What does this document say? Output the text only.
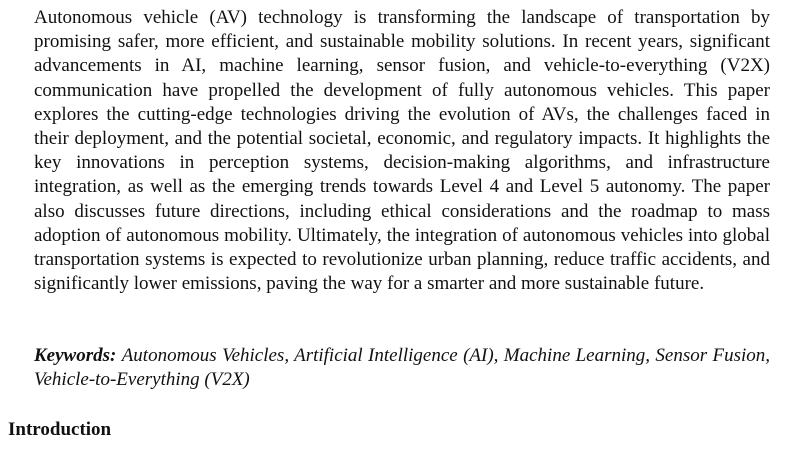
Autonomous vehicle (AV) technology is transforming the landscape of transportation by promising safer, more efficient, and sustainable mobility solutions. In recent years, significant advancements in AI, machine learning, sensor fusion, and vehicle-to-everything (V2X) communication have propelled the development of fully autonomous vehicles. This paper explores the cutting-edge technologies driving the evolution of AVs, the challenges faced in their deployment, and the potential societal, economic, and regulatory impacts. It highlights the key innovations in perception systems, decision-making algorithms, and infrastructure integration, as well as the emerging trends towards Level 4 and Level 5 autonomy. The paper also discusses future directions, including ethical considerations and the roadmap to mass adoption of autonomous mobility. Ultimately, the integration of autonomous vehicles into global transportation systems is expected to revolutionize urban planning, reduce traffic accidents, and significantly lower emissions, paving the way for a smarter and more sustainable future.

Keywords: Autonomous Vehicles, Artificial Intelligence (AI), Machine Learning, Sensor Fusion, Vehicle-to-Everything (V2X)

Introduction
